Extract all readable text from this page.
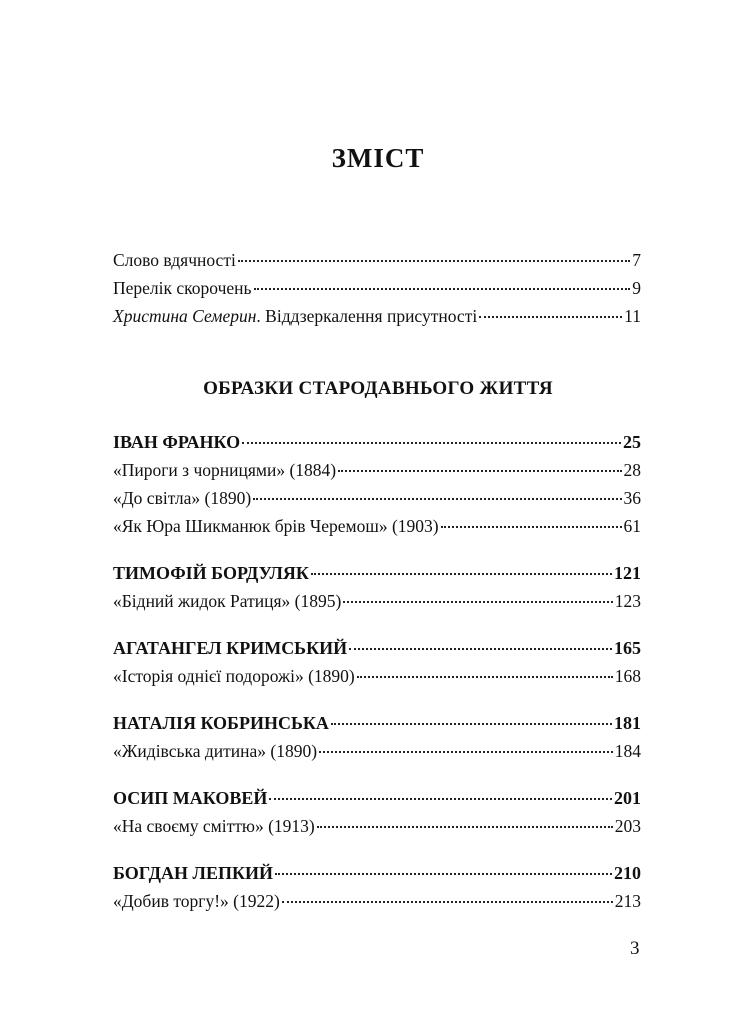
ЗМІСТ
Слово вдячності	7
Перелік скорочень	9
Христина Семерин. Віддзеркалення присутності	11
ОБРАЗКИ СТАРОДАВНЬОГО ЖИТТЯ
ІВАН ФРАНКО	25
«Пироги з чорницями» (1884)	28
«До світла» (1890)	36
«Як Юра Шикманюк брів Черемош» (1903)	61
ТИМОФІЙ БОРДУЛЯК	121
«Бідний жидок Ратиця» (1895)	123
АГАТАНГЕЛ КРИМСЬКИЙ	165
«Історія однієї подорожі» (1890)	168
НАТАЛІЯ КОБРИНСЬКА	181
«Жидівська дитина» (1890)	184
ОСИП МАКОВЕЙ	201
«На своєму сміттю» (1913)	203
БОГДАН ЛЕПКИЙ	210
«Добив торгу!» (1922)	213
3
